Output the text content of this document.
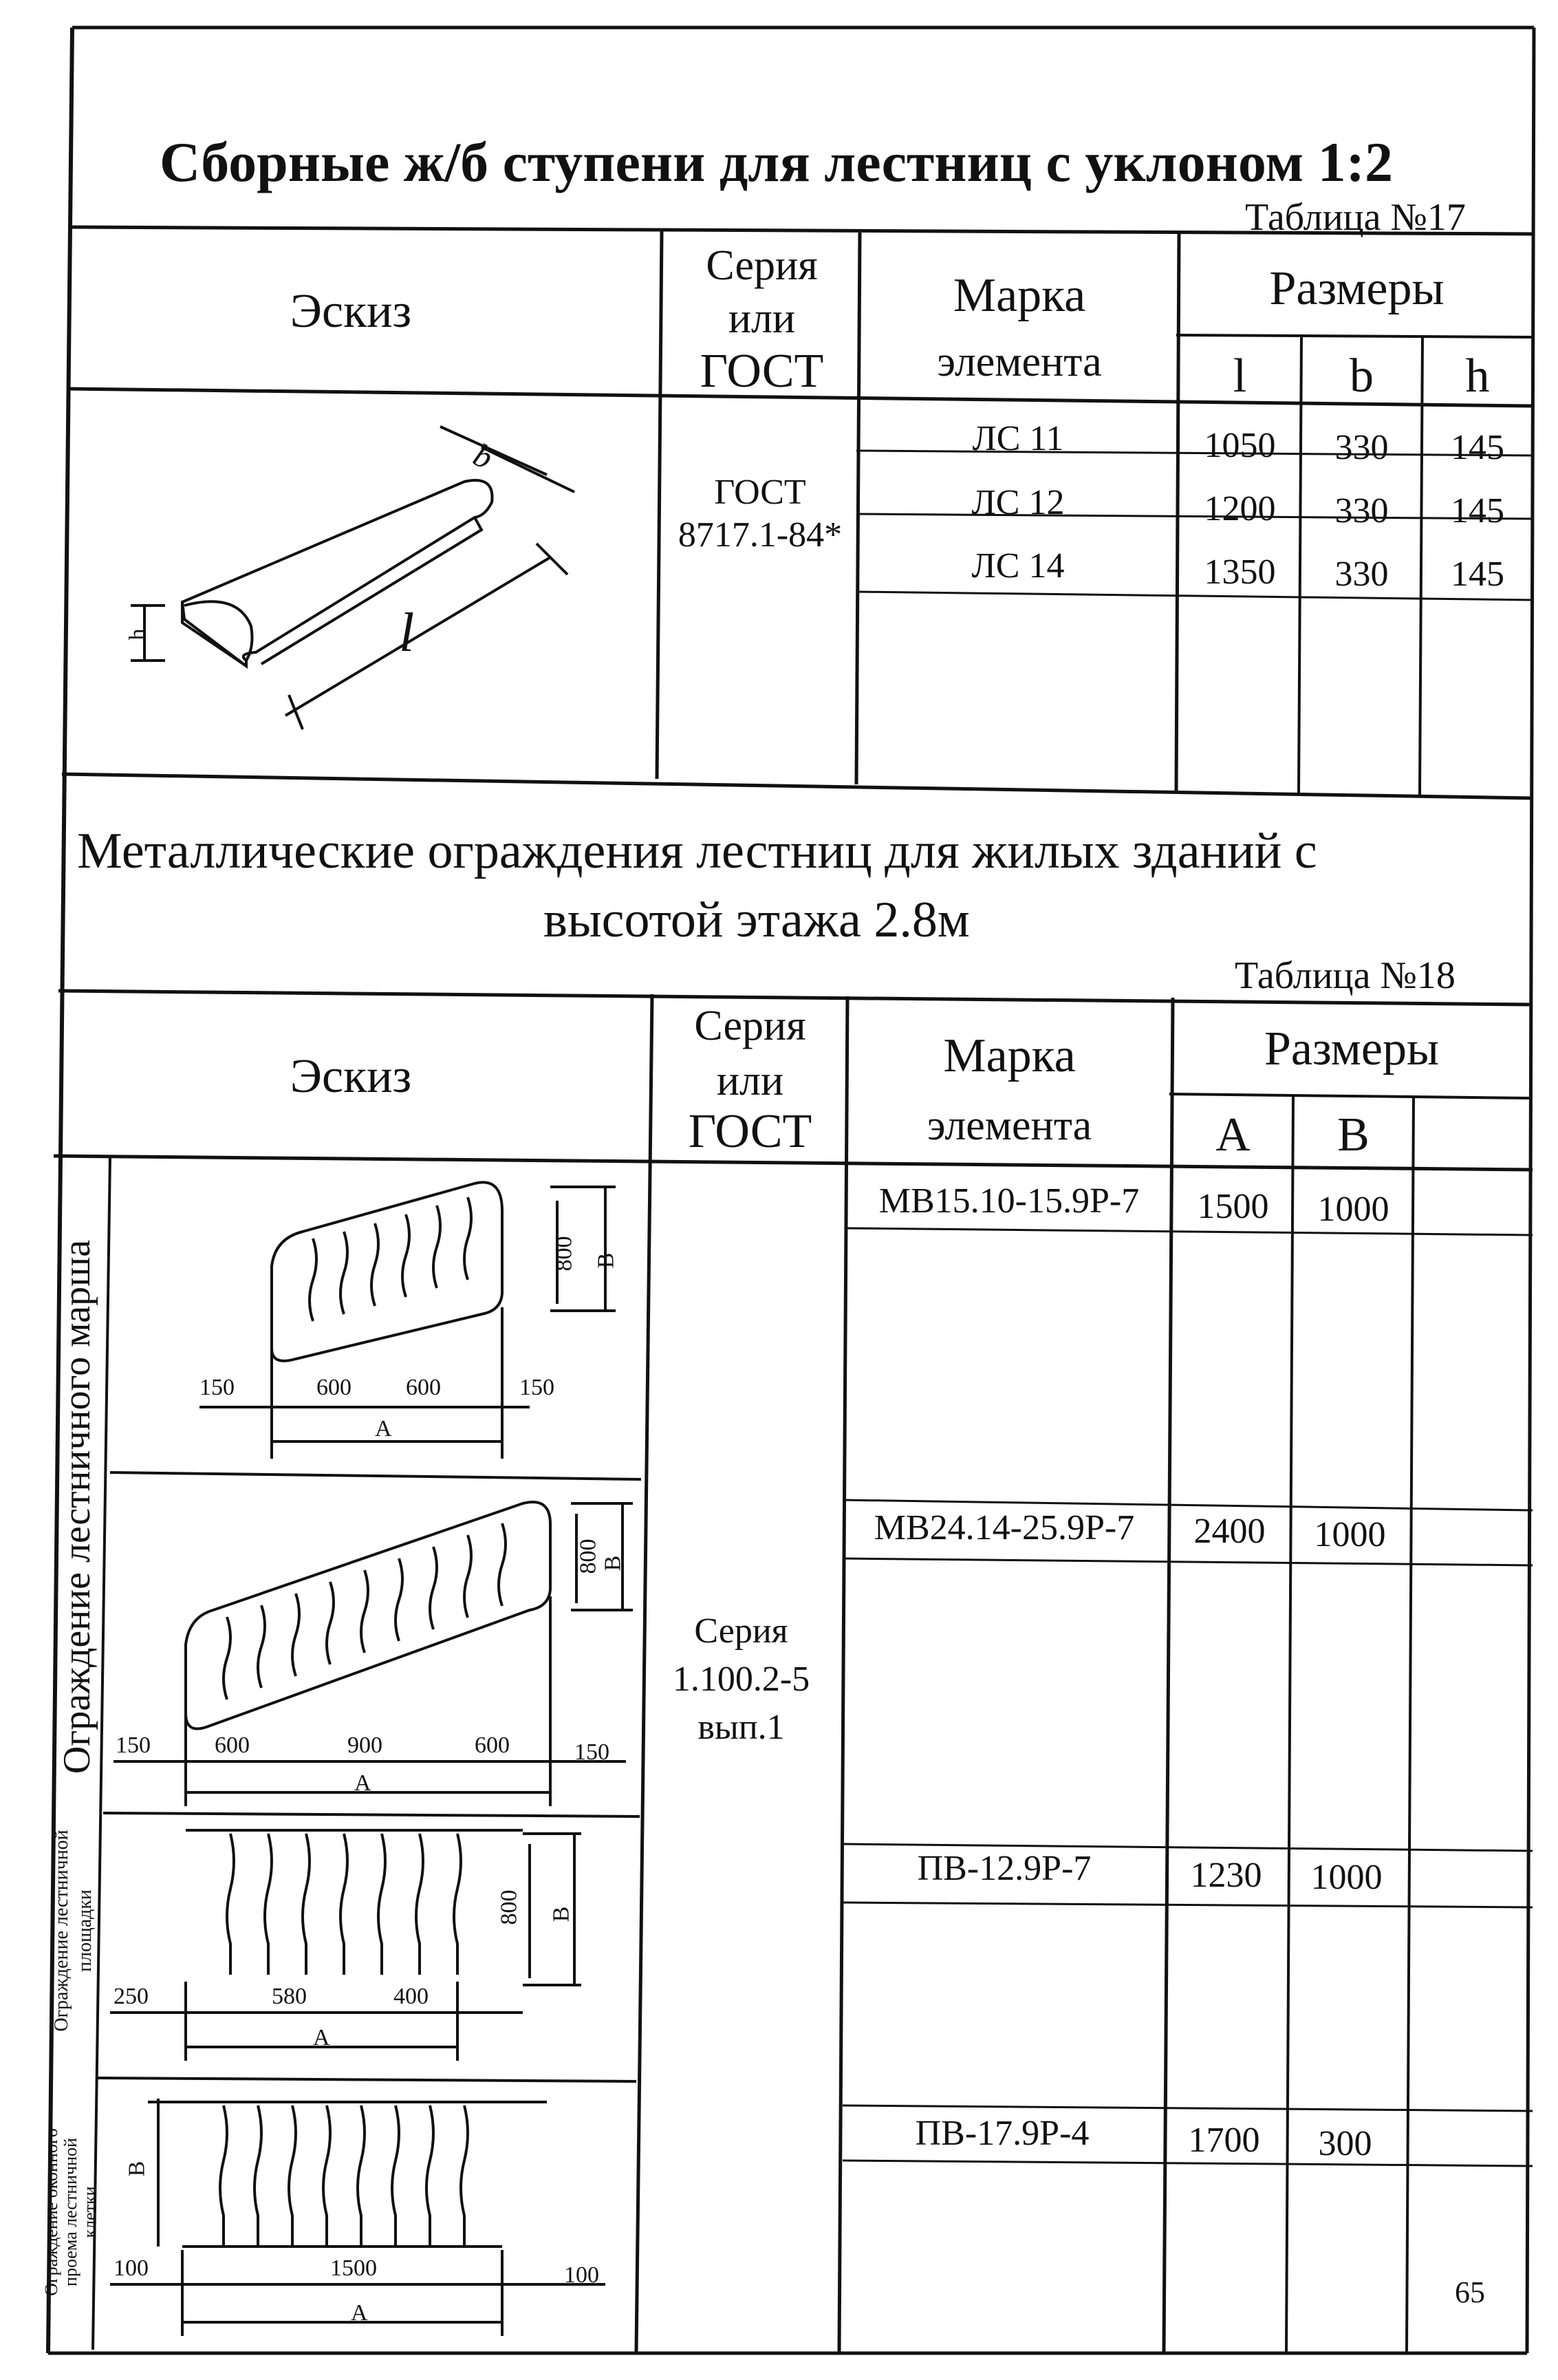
Сборные ж/б ступени для лестниц с уклоном 1:2
Таблица №17
Эскиз
Серия
или
ГОСТ
Марка
элемента
Размеры
l	b	h
ГОСТ
8717.1-84*
ЛС 11	1050	330	145
ЛС 12	1200	330	145
ЛС 14	1350	330	145
b
l
h
Металлические ограждения лестниц для жилых зданий с
высотой этажа 2.8м
Таблица №18
Эскиз
Серия
или
ГОСТ
Марка
элемента
Размеры
A	B
Серия
1.100.2-5
вып.1
МВ15.10-15.9Р-7	1500	1000
МВ24.14-25.9Р-7	2400	1000
ПВ-12.9Р-7	1230	1000
ПВ-17.9Р-4	1700	300
65
Ограждение лестничного марша
Ограждение лестничной площадки
Ограждение оконного проема лестничной клетки
150	600 600	150
A
800 B
150	600	900	600	150
A
800
B
250	580	400
A
800 B
100	1500	100
A
B
